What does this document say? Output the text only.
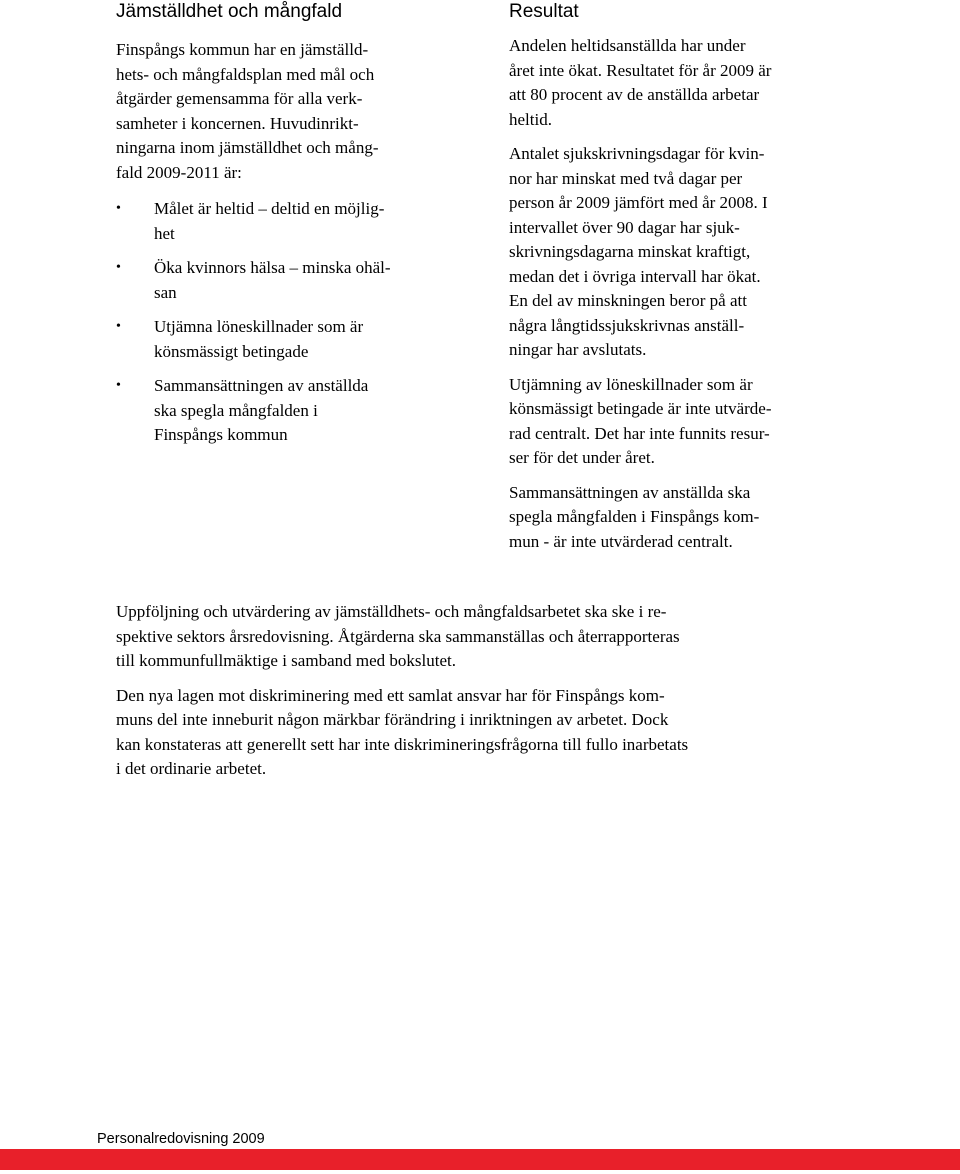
Jämställdhet och mångfald

Finspångs kommun har en jämställd-
hets- och mångfaldsplan med mål och
åtgärder gemensamma för alla verk-
samheter i koncernen. Huvudinrikt-
ningarna inom jämställdhet och mång-
fald 2009-2011 är:

• Målet är heltid – deltid en möjlig-
het
• Öka kvinnors hälsa – minska ohäl-
san
• Utjämna löneskillnader som är
könsmässigt betingade
• Sammansättningen av anställda
ska spegla mångfalden i
Finspångs kommun
Resultat

Andelen heltidsanställda har under
året inte ökat. Resultatet för år 2009 är
att 80 procent av de anställda arbetar
heltid.

Antalet sjukskrivningsdagar för kvin-
nor har minskat med två dagar per
person år 2009 jämfört med år 2008. I
intervallet över 90 dagar har sjuk-
skrivningsdagarna minskat kraftigt,
medan det i övriga intervall har ökat.
En del av minskningen beror på att
några långtidssjukskrivnas anställ-
ningar har avslutats.

Utjämning av löneskillnader som är
könsmässigt betingade är inte utvärde-
rad centralt. Det har inte funnits resur-
ser för det under året.

Sammansättningen av anställda ska
spegla mångfalden i Finspångs kom-
mun - är inte utvärderad centralt.

Uppföljning och utvärdering av jämställdhets- och mångfaldsarbetet ska ske i re-
spektive sektors årsredovisning. Åtgärderna ska sammanställas och återrapporteras
till kommunfullmäktige i samband med bokslutet.

Den nya lagen mot diskriminering med ett samlat ansvar har för Finspångs kom-
muns del inte inneburit någon märkbar förändring i inriktningen av arbetet. Dock
kan konstateras att generellt sett har inte diskrimineringsfrågorna till fullo inarbetats
i det ordinarie arbetet.

Personalredovisning 2009
